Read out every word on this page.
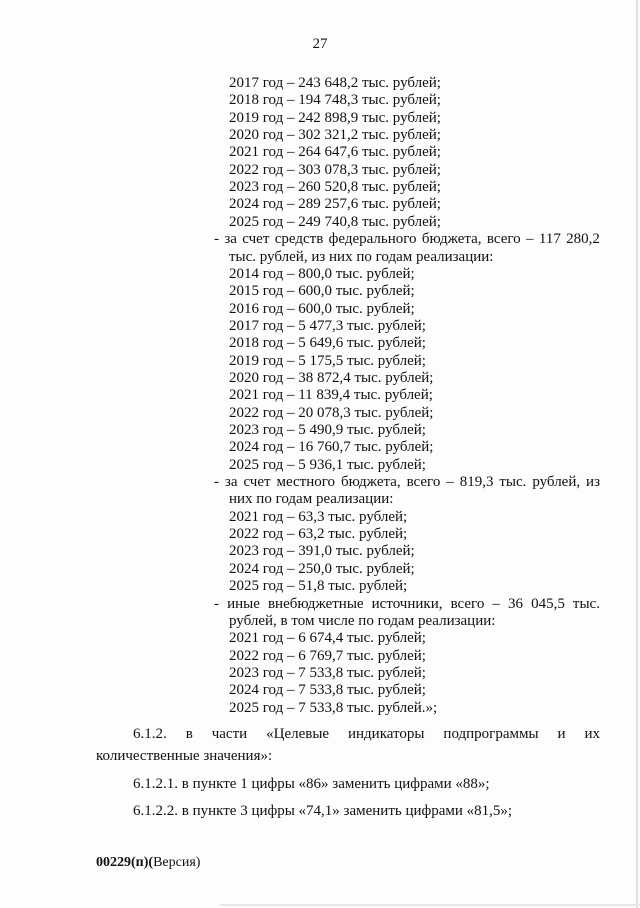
27
2017 год – 243 648,2 тыс. рублей;
2018 год – 194 748,3 тыс. рублей;
2019 год – 242 898,9 тыс. рублей;
2020 год – 302 321,2 тыс. рублей;
2021 год – 264 647,6 тыс. рублей;
2022 год – 303 078,3 тыс. рублей;
2023 год – 260 520,8 тыс. рублей;
2024 год – 289 257,6 тыс. рублей;
2025 год – 249 740,8 тыс. рублей;
- за счет средств федерального бюджета, всего – 117 280,2
тыс. рублей, из них по годам реализации:
2014 год – 800,0 тыс. рублей;
2015 год – 600,0 тыс. рублей;
2016 год – 600,0 тыс. рублей;
2017 год – 5 477,3 тыс. рублей;
2018 год – 5 649,6 тыс. рублей;
2019 год – 5 175,5 тыс. рублей;
2020 год – 38 872,4 тыс. рублей;
2021 год – 11 839,4 тыс. рублей;
2022 год – 20 078,3 тыс. рублей;
2023 год – 5 490,9 тыс. рублей;
2024 год – 16 760,7 тыс. рублей;
2025 год – 5 936,1 тыс. рублей;
- за счет местного бюджета, всего – 819,3 тыс. рублей, из
них по годам реализации:
2021 год – 63,3 тыс. рублей;
2022 год – 63,2 тыс. рублей;
2023 год – 391,0 тыс. рублей;
2024 год – 250,0 тыс. рублей;
2025 год – 51,8 тыс. рублей;
- иные внебюджетные источники, всего – 36 045,5 тыс.
рублей, в том числе по годам реализации:
2021 год – 6 674,4 тыс. рублей;
2022 год – 6 769,7 тыс. рублей;
2023 год – 7 533,8 тыс. рублей;
2024 год – 7 533,8 тыс. рублей;
2025 год – 7 533,8 тыс. рублей.»;
6.1.2. в части «Целевые индикаторы подпрограммы и их
количественные значения»:
6.1.2.1. в пункте 1 цифры «86» заменить цифрами «88»;
6.1.2.2. в пункте 3 цифры «74,1» заменить цифрами «81,5»;
00229(п)(Версия)
